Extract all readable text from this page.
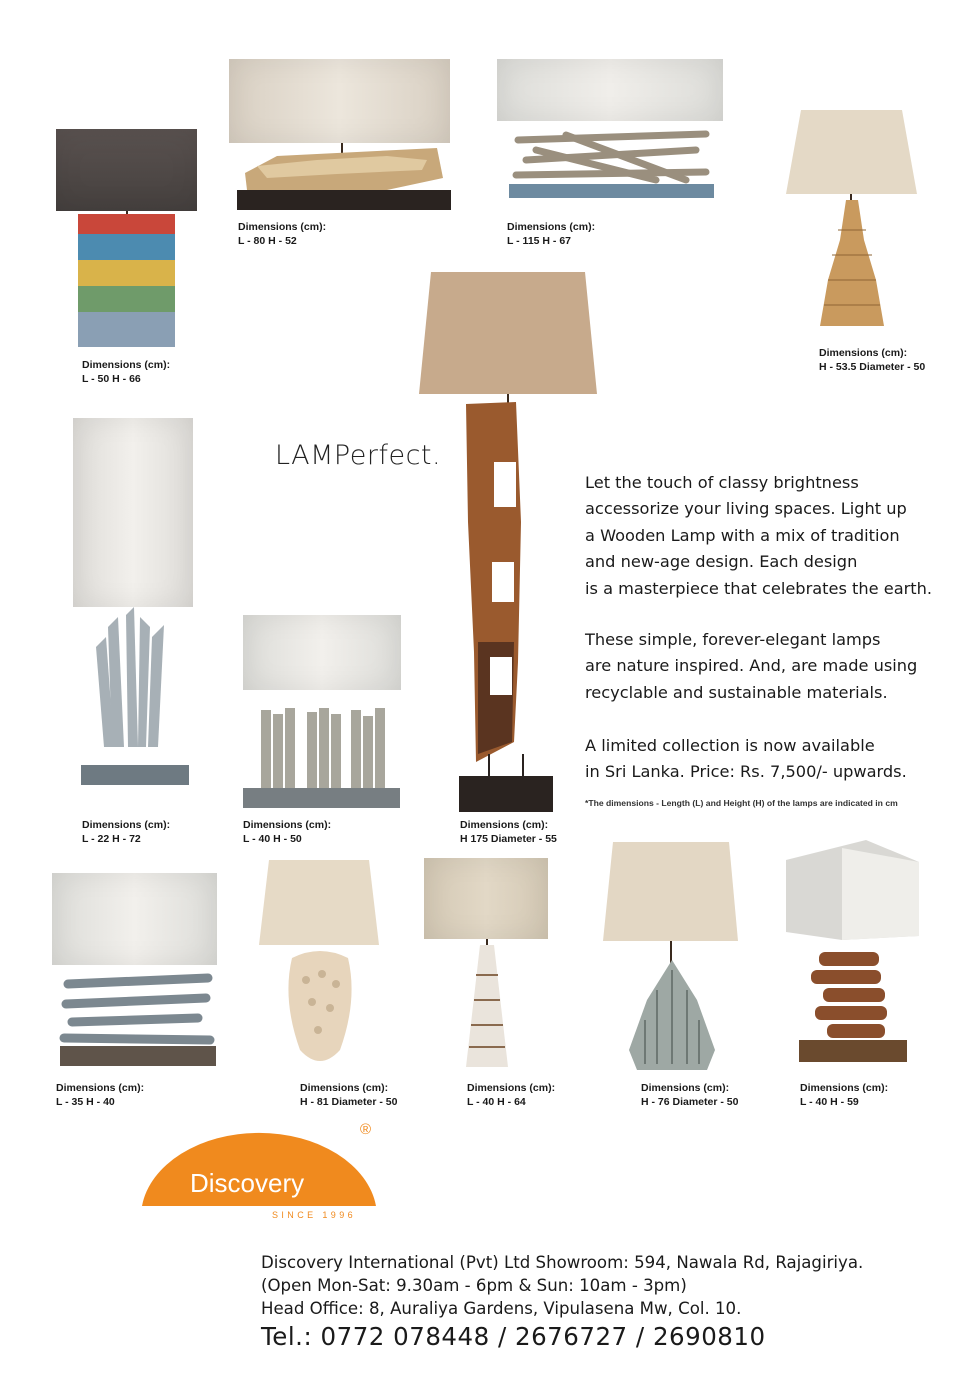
Dimensions (cm):
L - 50 H - 66
Dimensions (cm):
L - 80 H - 52
Dimensions (cm):
L - 115 H - 67
Dimensions (cm):
H - 53.5 Diameter - 50
Dimensions (cm):
H 175 Diameter - 55
Dimensions (cm):
L - 22 H - 72
Dimensions (cm):
L - 40 H - 50
LAMPerfect.
Let the touch of classy brightness
accessorize your living spaces. Light up
a Wooden Lamp with a mix of tradition
and new-age design. Each design
is a masterpiece that celebrates the earth.
These simple, forever-elegant lamps
are nature inspired. And, are made using
recyclable and sustainable materials.
A limited collection is now available
in Sri Lanka. Price: Rs. 7,500/- upwards.
*The dimensions - Length (L) and Height (H) of the lamps are indicated in cm
Dimensions (cm):
L - 35 H - 40
Dimensions (cm):
H - 81 Diameter - 50
Dimensions (cm):
L - 40 H - 64
Dimensions (cm):
H - 76 Diameter - 50
Dimensions (cm):
L - 40 H - 59
Discovery
®
SINCE 1996
Discovery International (Pvt) Ltd Showroom: 594, Nawala Rd, Rajagiriya.
(Open Mon-Sat: 9.30am - 6pm & Sun: 10am - 3pm)
Head Office: 8, Auraliya Gardens, Vipulasena Mw, Col. 10.
Tel.: 0772 078448 / 2676727 / 2690810
